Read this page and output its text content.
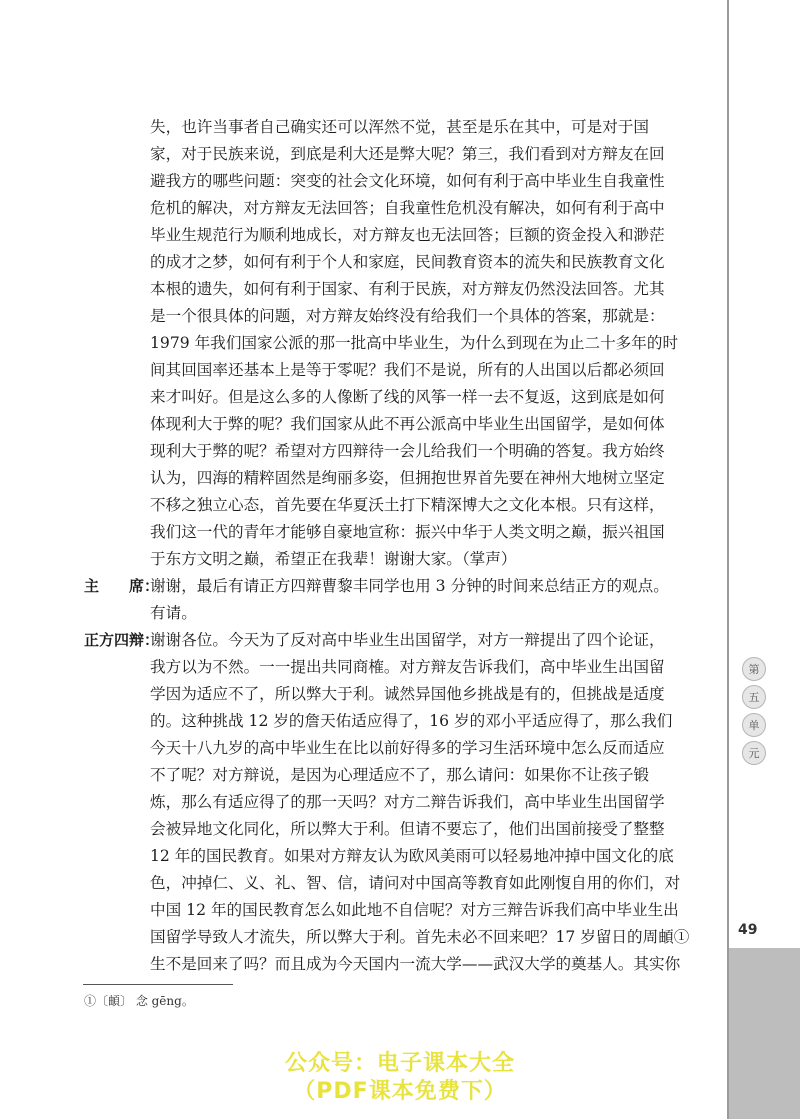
第
五
单
元
49
失，也许当事者自己确实还可以浑然不觉，甚至是乐在其中，可是对于国
家，对于民族来说，到底是利大还是弊大呢？第三，我们看到对方辩友在回
避我方的哪些问题：突变的社会文化环境，如何有利于高中毕业生自我童性
危机的解决，对方辩友无法回答；自我童性危机没有解决，如何有利于高中
毕业生规范行为顺利地成长，对方辩友也无法回答；巨额的资金投入和渺茫
的成才之梦，如何有利于个人和家庭，民间教育资本的流失和民族教育文化
本根的遗失，如何有利于国家、有利于民族，对方辩友仍然没法回答。尤其
是一个很具体的问题，对方辩友始终没有给我们一个具体的答案，那就是：
1979 年我们国家公派的那一批高中毕业生，为什么到现在为止二十多年的时
间其回国率还基本上是等于零呢？我们不是说，所有的人出国以后都必须回
来才叫好。但是这么多的人像断了线的风筝一样一去不复返，这到底是如何
体现利大于弊的呢？我们国家从此不再公派高中毕业生出国留学，是如何体
现利大于弊的呢？希望对方四辩待一会儿给我们一个明确的答复。我方始终
认为，四海的精粹固然是绚丽多姿，但拥抱世界首先要在神州大地树立坚定
不移之独立心态，首先要在华夏沃土打下精深博大之文化本根。只有这样，
我们这一代的青年才能够自豪地宣称：振兴中华于人类文明之巅，振兴祖国
于东方文明之巅，希望正在我辈！谢谢大家。（掌声）
主　　席：
谢谢，最后有请正方四辩曹黎丰同学也用 3 分钟的时间来总结正方的观点。
有请。
正方四辩：
谢谢各位。今天为了反对高中毕业生出国留学，对方一辩提出了四个论证，
我方以为不然。一一提出共同商榷。对方辩友告诉我们，高中毕业生出国留
学因为适应不了，所以弊大于利。诚然异国他乡挑战是有的，但挑战是适度
的。这种挑战 12 岁的詹天佑适应得了，16 岁的邓小平适应得了，那么我们
今天十八九岁的高中毕业生在比以前好得多的学习生活环境中怎么反而适应
不了呢？对方辩说，是因为心理适应不了，那么请问：如果你不让孩子锻
炼，那么有适应得了的那一天吗？对方二辩告诉我们，高中毕业生出国留学
会被异地文化同化，所以弊大于利。但请不要忘了，他们出国前接受了整整
12 年的国民教育。如果对方辩友认为欧风美雨可以轻易地冲掉中国文化的底
色，冲掉仁、义、礼、智、信，请问对中国高等教育如此刚愎自用的你们，对
中国 12 年的国民教育怎么如此地不自信呢？对方三辩告诉我们高中毕业生出
国留学导致人才流失，所以弊大于利。首先未必不回来吧？17 岁留日的周頔①
生不是回来了吗？而且成为今天国内一流大学——武汉大学的奠基人。其实你
①〔頔〕 念 gēng。
公众号：电子课本大全
（PDF课本免费下）
